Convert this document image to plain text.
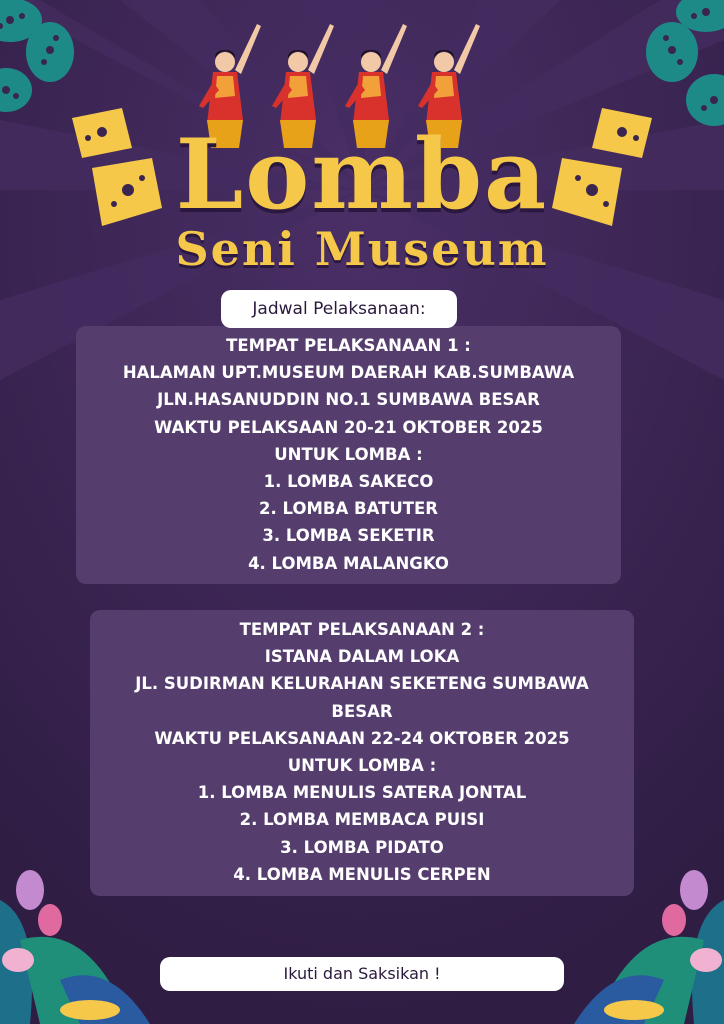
Lomba
Seni Museum
TEMPAT PELAKSANAAN 1 :
HALAMAN UPT.MUSEUM DAERAH KAB.SUMBAWA
JLN.HASANUDDIN NO.1 SUMBAWA BESAR
WAKTU PELAKSAAN 20-21 OKTOBER 2025
UNTUK LOMBA :
1. LOMBA SAKECO
2. LOMBA BATUTER
3. LOMBA SEKETIR
4. LOMBA MALANGKO
Jadwal Pelaksanaan:
TEMPAT PELAKSANAAN 2 :
ISTANA DALAM LOKA
JL. SUDIRMAN KELURAHAN SEKETENG SUMBAWA
BESAR
WAKTU PELAKSANAAN 22-24 OKTOBER 2025
UNTUK LOMBA :
1. LOMBA MENULIS SATERA JONTAL
2. LOMBA MEMBACA PUISI
3. LOMBA PIDATO
4. LOMBA MENULIS CERPEN
Ikuti dan Saksikan !
